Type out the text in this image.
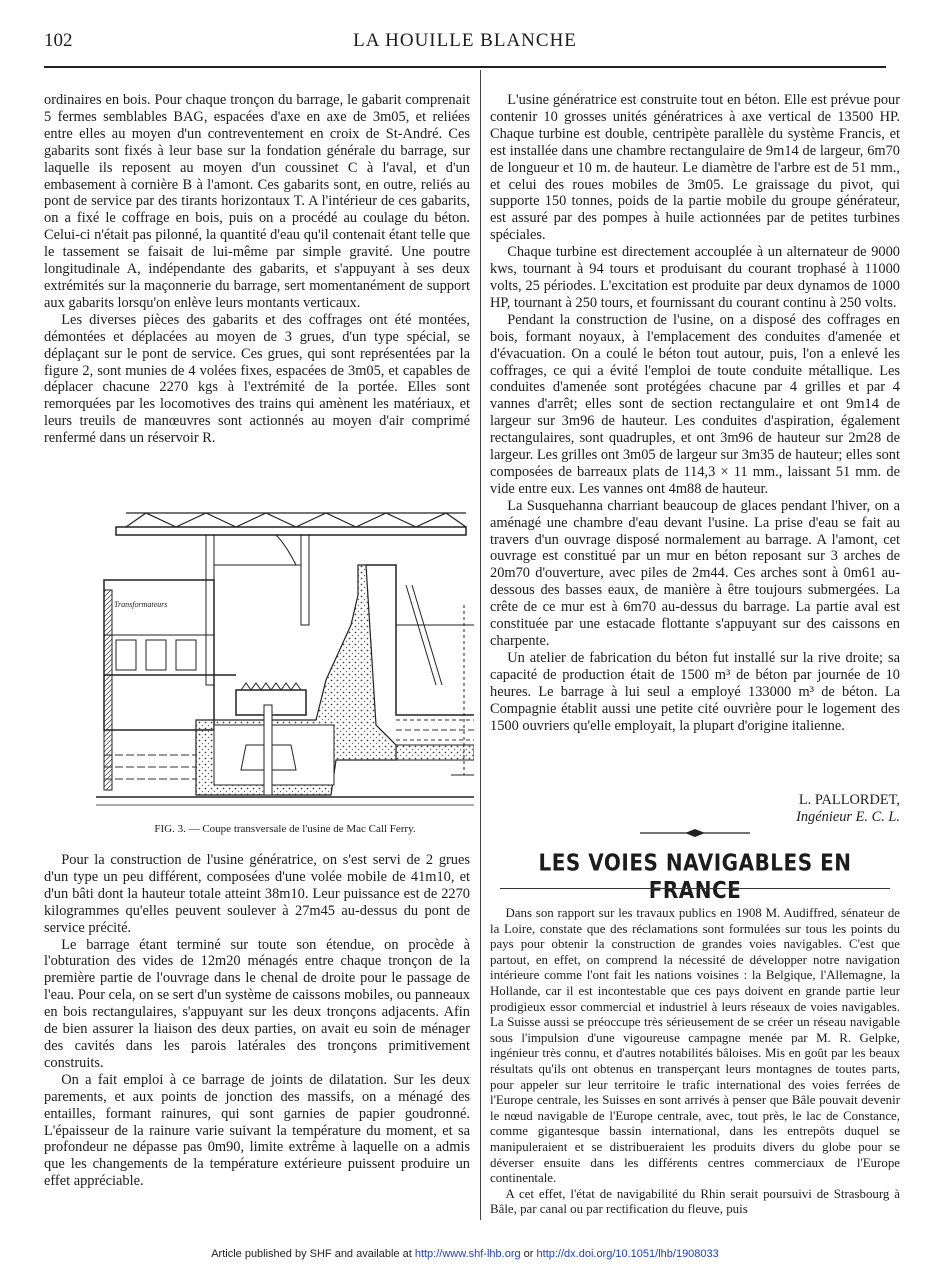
102	LA HOUILLE BLANCHE

ordinaires en bois. Pour chaque tronçon du barrage, le gabarit comprenait 5 fermes semblables BAG, espacées d'axe en axe de 3m05, et reliées entre elles au moyen d'un contreventement en croix de St-André. Ces gabarits sont fixés à leur base sur la fondation générale du barrage, sur laquelle ils reposent au moyen d'un coussinet C à l'aval, et d'un embasement à cornière B à l'amont. Ces gabarits sont, en outre, reliés au pont de service par des tirants horizontaux T. A l'intérieur de ces gabarits, on a fixé le coffrage en bois, puis on a procédé au coulage du béton. Celui-ci n'était pas pilonné, la quantité d'eau qu'il contenait étant telle que le tassement se faisait de lui-même par simple gravité. Une poutre longitudinale A, indépendante des gabarits, et s'appuyant à ses deux extrémités sur la maçonnerie du barrage, sert momentanément de support aux gabarits lorsqu'on enlève leurs montants verticaux.

Les diverses pièces des gabarits et des coffrages ont été montées, démontées et déplacées au moyen de 3 grues, d'un type spécial, se déplaçant sur le pont de service. Ces grues, qui sont représentées par la figure 2, sont munies de 4 volées fixes, espacées de 3m05, et capables de déplacer chacune 2270 kgs à l'extrémité de la portée. Elles sont remorquées par les locomotives des trains qui amènent les matériaux, et leurs treuils de manœuvres sont actionnés au moyen d'air comprimé renfermé dans un réservoir R.

Transformateurs
FIG. 3. — Coupe transversale de l'usine de Mac Call Ferry.

Pour la construction de l'usine génératrice, on s'est servi de 2 grues d'un type un peu différent, composées d'une volée mobile de 41m10, et d'un bâti dont la hauteur totale atteint 38m10. Leur puissance est de 2270 kilogrammes qu'elles peuvent soulever à 27m45 au-dessus du pont de service précité.

Le barrage étant terminé sur toute son étendue, on procède à l'obturation des vides de 12m20 ménagés entre chaque tronçon de la première partie de l'ouvrage dans le chenal de droite pour le passage de l'eau. Pour cela, on se sert d'un système de caissons mobiles, ou panneaux en bois rectangulaires, s'appuyant sur les deux tronçons adjacents. Afin de bien assurer la liaison des deux parties, on avait eu soin de ménager des cavités dans les parois latérales des tronçons primitivement construits.

On a fait emploi à ce barrage de joints de dilatation. Sur les deux parements, et aux points de jonction des massifs, on a ménagé des entailles, formant rainures, qui sont garnies de papier goudronné. L'épaisseur de la rainure varie suivant la température du moment, et sa profondeur ne dépasse pas 0m90, limite extrême à laquelle on a admis que les changements de la température extérieure puissent produire un effet appréciable.

L'usine génératrice est construite tout en béton. Elle est prévue pour contenir 10 grosses unités génératrices à axe vertical de 13500 HP. Chaque turbine est double, centripète parallèle du système Francis, et est installée dans une chambre rectangulaire de 9m14 de largeur, 6m70 de longueur et 10 m. de hauteur. Le diamètre de l'arbre est de 51 mm., et celui des roues mobiles de 3m05. Le graissage du pivot, qui supporte 150 tonnes, poids de la partie mobile du groupe générateur, est assuré par des pompes à huile actionnées par de petites turbines spéciales.

Chaque turbine est directement accouplée à un alternateur de 9000 kws, tournant à 94 tours et produisant du courant trophasé à 11000 volts, 25 périodes. L'excitation est produite par deux dynamos de 1000 HP, tournant à 250 tours, et fournissant du courant continu à 250 volts.

Pendant la construction de l'usine, on a disposé des coffrages en bois, formant noyaux, à l'emplacement des conduites d'amenée et d'évacuation. On a coulé le béton tout autour, puis, l'on a enlevé les coffrages, ce qui a évité l'emploi de toute conduite métallique. Les conduites d'amenée sont protégées chacune par 4 grilles et par 4 vannes d'arrêt; elles sont de section rectangulaire et ont 9m14 de largeur sur 3m96 de hauteur. Les conduites d'aspiration, également rectangulaires, sont quadruples, et ont 3m96 de hauteur sur 2m28 de largeur. Les grilles ont 3m05 de largeur sur 3m35 de hauteur; elles sont composées de barreaux plats de 114,3 × 11 mm., laissant 51 mm. de vide entre eux. Les vannes ont 4m88 de hauteur.

La Susquehanna charriant beaucoup de glaces pendant l'hiver, on a aménagé une chambre d'eau devant l'usine. La prise d'eau se fait au travers d'un ouvrage disposé normalement au barrage. A l'amont, cet ouvrage est constitué par un mur en béton reposant sur 3 arches de 20m70 d'ouverture, avec piles de 2m44. Ces arches sont à 0m61 au-dessous des basses eaux, de manière à être toujours submergées. La crête de ce mur est à 6m70 au-dessus du barrage. La partie aval est constituée par une estacade flottante s'appuyant sur des caissons en charpente.

Un atelier de fabrication du béton fut installé sur la rive droite; sa capacité de production était de 1500 m³ de béton par journée de 10 heures. Le barrage à lui seul a employé 133000 m³ de béton. La Compagnie établit aussi une petite cité ouvrière pour le logement des 1500 ouvriers qu'elle employait, la plupart d'origine italienne.

L. PALLORDET,
Ingénieur E. C. L.
LES VOIES NAVIGABLES EN FRANCE

Dans son rapport sur les travaux publics en 1908 M. Audiffred, sénateur de la Loire, constate que des réclamations sont formulées sur tous les points du pays pour obtenir la construction de grandes voies navigables. C'est que partout, en effet, on comprend la nécessité de développer notre navigation intérieure comme l'ont fait les nations voisines : la Belgique, l'Allemagne, la Hollande, car il est incontestable que ces pays doivent en grande partie leur prodigieux essor commercial et industriel à leurs réseaux de voies navigables. La Suisse aussi se préoccupe très sérieusement de se créer un réseau navigable sous l'impulsion d'une vigoureuse campagne menée par M. R. Gelpke, ingénieur très connu, et d'autres notabilités bâloises. Mis en goût par les beaux résultats qu'ils ont obtenus en transperçant leurs montagnes de toutes parts, pour appeler sur leur territoire le trafic international des voies ferrées de l'Europe centrale, les Suisses en sont arrivés à penser que Bâle pouvait devenir le nœud navigable de l'Europe centrale, avec, tout près, le lac de Constance, comme gigantesque bassin international, dans les entrepôts duquel se manipuleraient et se distribueraient les produits divers du globe pour se déverser ensuite dans les différents centres commerciaux de l'Europe continentale.

A cet effet, l'état de navigabilité du Rhin serait poursuivi de Strasbourg à Bâle, par canal ou par rectification du fleuve, puis

Article published by SHF and available at http://www.shf-lhb.org or http://dx.doi.org/10.1051/lhb/1908033
